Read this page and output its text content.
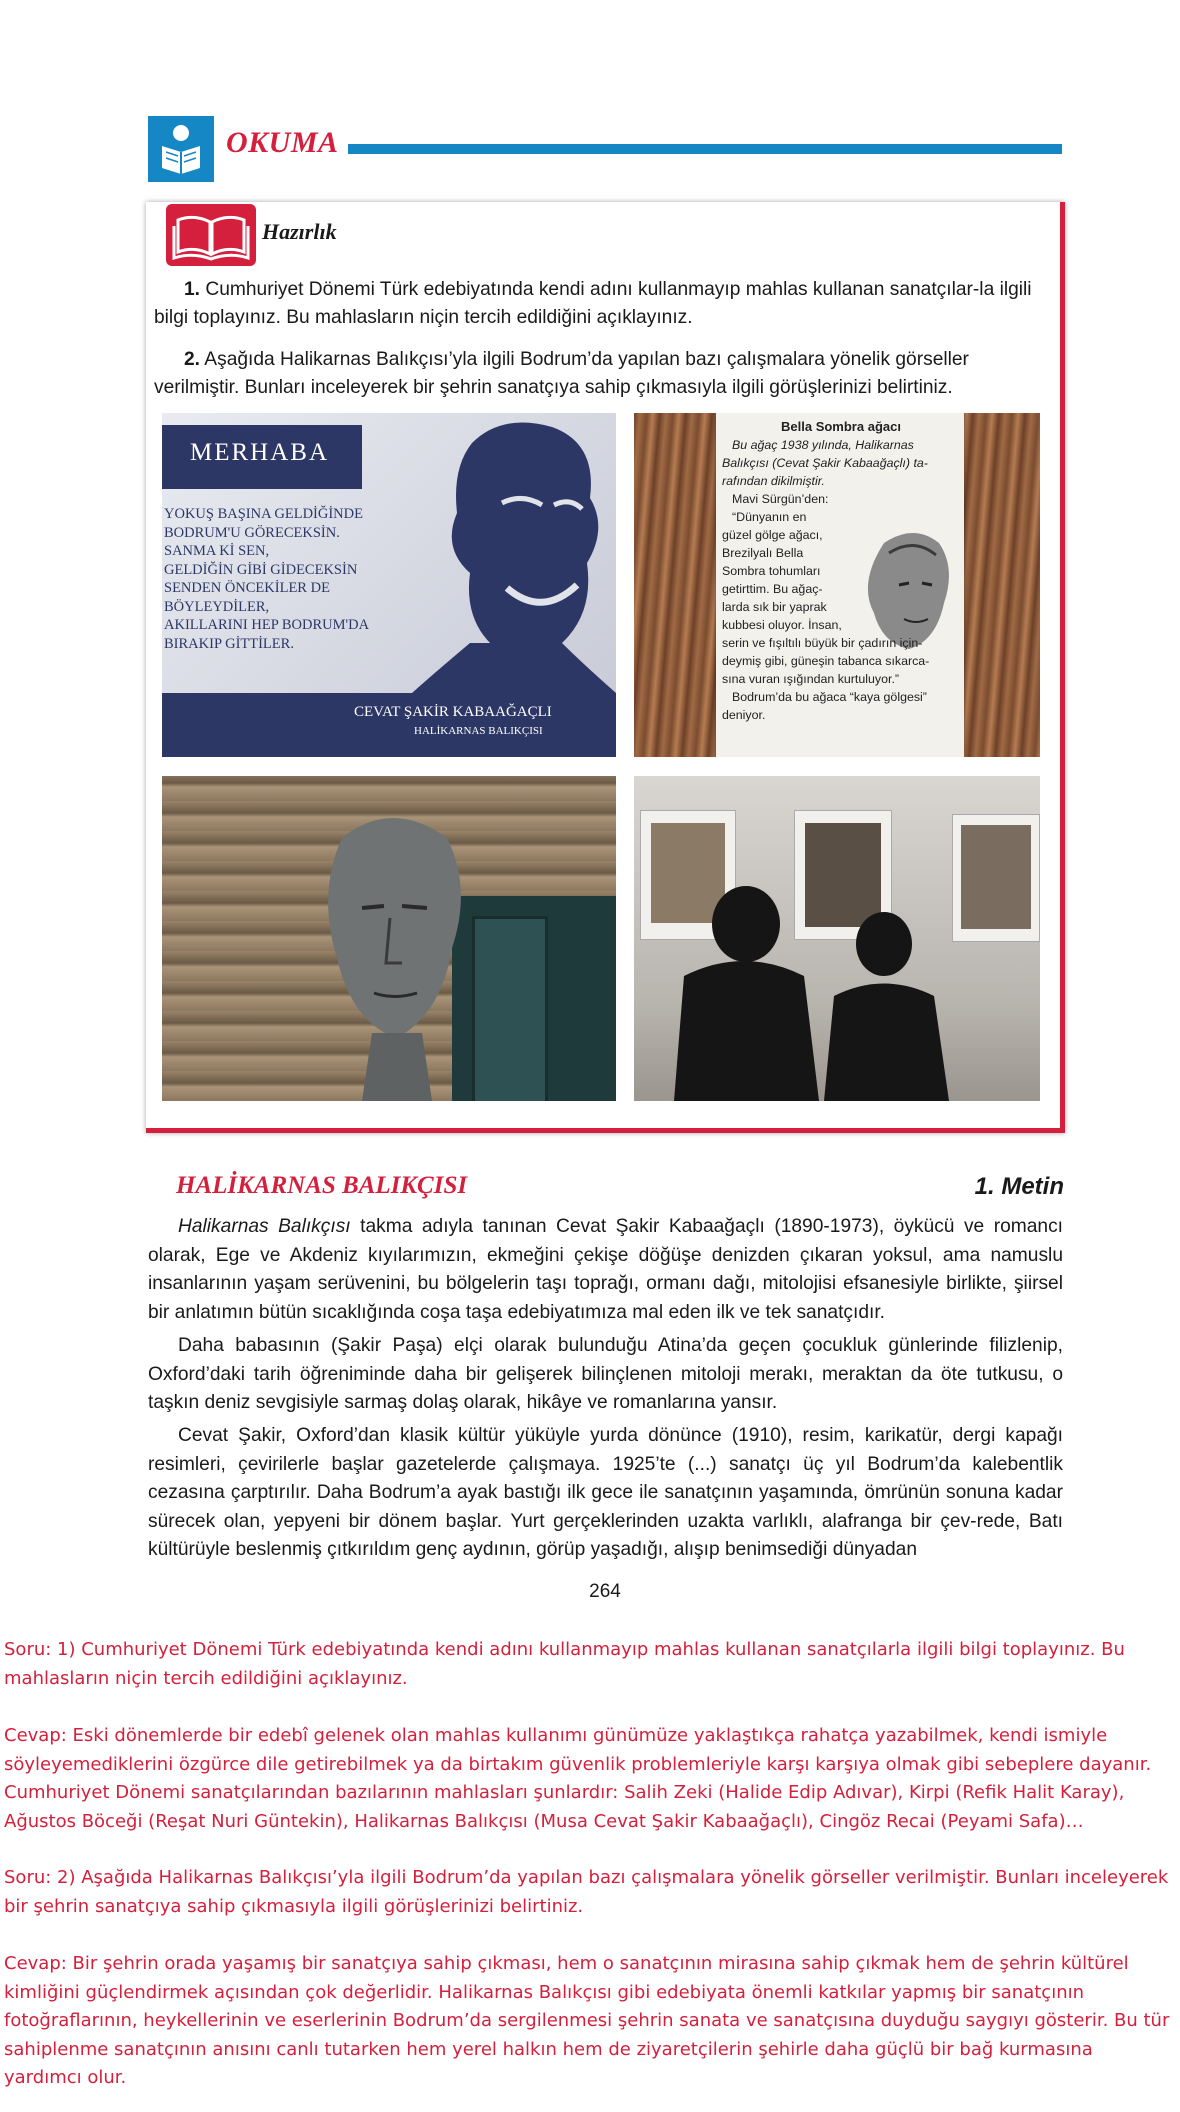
OKUMA
Hazırlık
1. Cumhuriyet Dönemi Türk edebiyatında kendi adını kullanmayıp mahlas kullanan sanatçılar-la ilgili bilgi toplayınız. Bu mahlasların niçin tercih edildiğini açıklayınız.
2. Aşağıda Halikarnas Balıkçısı’yla ilgili Bodrum’da yapılan bazı çalışmalara yönelik görseller verilmiştir. Bunları inceleyerek bir şehrin sanatçıya sahip çıkmasıyla ilgili görüşlerinizi belirtiniz.
MERHABA
YOKUŞ BAŞINA GELDİĞİNDE
BODRUM'U GÖRECEKSİN.
SANMA Kİ SEN,
GELDİĞİN GİBİ GİDECEKSİN
SENDEN ÖNCEKİLER DE
BÖYLEYDİLER,
AKILLARINI HEP BODRUM'DA
BIRAKIP GİTTİLER.
CEVAT ŞAKİR KABAAĞAÇLI
HALİKARNAS BALIKÇISI
Bella Sombra ağacı
Bu ağaç 1938 yılında, Halikarnas
Balıkçısı (Cevat Şakir Kabaağaçlı) ta-
rafından dikilmiştir.
Mavi Sürgün’den:
“Dünyanın en
güzel gölge ağacı,
Brezilyalı Bella
Sombra tohumları
getirttim. Bu ağaç-
larda sık bir yaprak
kubbesi oluyor. İnsan,
serin ve fışıltılı büyük bir çadırın için-
deymiş gibi, güneşin tabanca sıkarca-
sına vuran ışığından kurtuluyor.”
Bodrum’da bu ağaca “kaya gölgesi”
deniyor.
HALİKARNAS BALIKÇISI	1. Metin
Halikarnas Balıkçısı takma adıyla tanınan Cevat Şakir Kabaağaçlı (1890-1973), öykücü ve romancı olarak, Ege ve Akdeniz kıyılarımızın, ekmeğini çekişe döğüşe denizden çıkaran yoksul, ama namuslu insanlarının yaşam serüvenini, bu bölgelerin taşı toprağı, ormanı dağı, mitolojisi efsanesiyle birlikte, şiirsel bir anlatımın bütün sıcaklığında coşa taşa edebiyatımıza mal eden ilk ve tek sanatçıdır.
Daha babasının (Şakir Paşa) elçi olarak bulunduğu Atina’da geçen çocukluk günlerinde filizlenip, Oxford’daki tarih öğreniminde daha bir gelişerek bilinçlenen mitoloji merakı, meraktan da öte tutkusu, o taşkın deniz sevgisiyle sarmaş dolaş olarak, hikâye ve romanlarına yansır.
Cevat Şakir, Oxford’dan klasik kültür yüküyle yurda dönünce (1910), resim, karikatür, dergi kapağı resimleri, çevirilerle başlar gazetelerde çalışmaya. 1925’te (...) sanatçı üç yıl Bodrum’da kalebentlik cezasına çarptırılır. Daha Bodrum’a ayak bastığı ilk gece ile sanatçının yaşamında, ömrünün sonuna kadar sürecek olan, yepyeni bir dönem başlar. Yurt gerçeklerinden uzakta varlıklı, alafranga bir çev-rede, Batı kültürüyle beslenmiş çıtkırıldım genç aydının, görüp yaşadığı, alışıp benimsediği dünyadan
264
Soru: 1) Cumhuriyet Dönemi Türk edebiyatında kendi adını kullanmayıp mahlas kullanan sanatçılarla ilgili bilgi toplayınız. Bu mahlasların niçin tercih edildiğini açıklayınız.
Cevap: Eski dönemlerde bir edebî gelenek olan mahlas kullanımı günümüze yaklaştıkça rahatça yazabilmek, kendi ismiyle söyleyemediklerini özgürce dile getirebilmek ya da birtakım güvenlik problemleriyle karşı karşıya olmak gibi sebeplere dayanır. Cumhuriyet Dönemi sanatçılarından bazılarının mahlasları şunlardır: Salih Zeki (Halide Edip Adıvar), Kirpi (Refik Halit Karay), Ağustos Böceği (Reşat Nuri Güntekin), Halikarnas Balıkçısı (Musa Cevat Şakir Kabaağaçlı), Cingöz Recai (Peyami Safa)…
Soru: 2) Aşağıda Halikarnas Balıkçısı’yla ilgili Bodrum’da yapılan bazı çalışmalara yönelik görseller verilmiştir. Bunları inceleyerek bir şehrin sanatçıya sahip çıkmasıyla ilgili görüşlerinizi belirtiniz.
Cevap: Bir şehrin orada yaşamış bir sanatçıya sahip çıkması, hem o sanatçının mirasına sahip çıkmak hem de şehrin kültürel kimliğini güçlendirmek açısından çok değerlidir. Halikarnas Balıkçısı gibi edebiyata önemli katkılar yapmış bir sanatçının fotoğraflarının, heykellerinin ve eserlerinin Bodrum’da sergilenmesi şehrin sanata ve sanatçısına duyduğu saygıyı gösterir. Bu tür sahiplenme sanatçının anısını canlı tutarken hem yerel halkın hem de ziyaretçilerin şehirle daha güçlü bir bağ kurmasına yardımcı olur.
